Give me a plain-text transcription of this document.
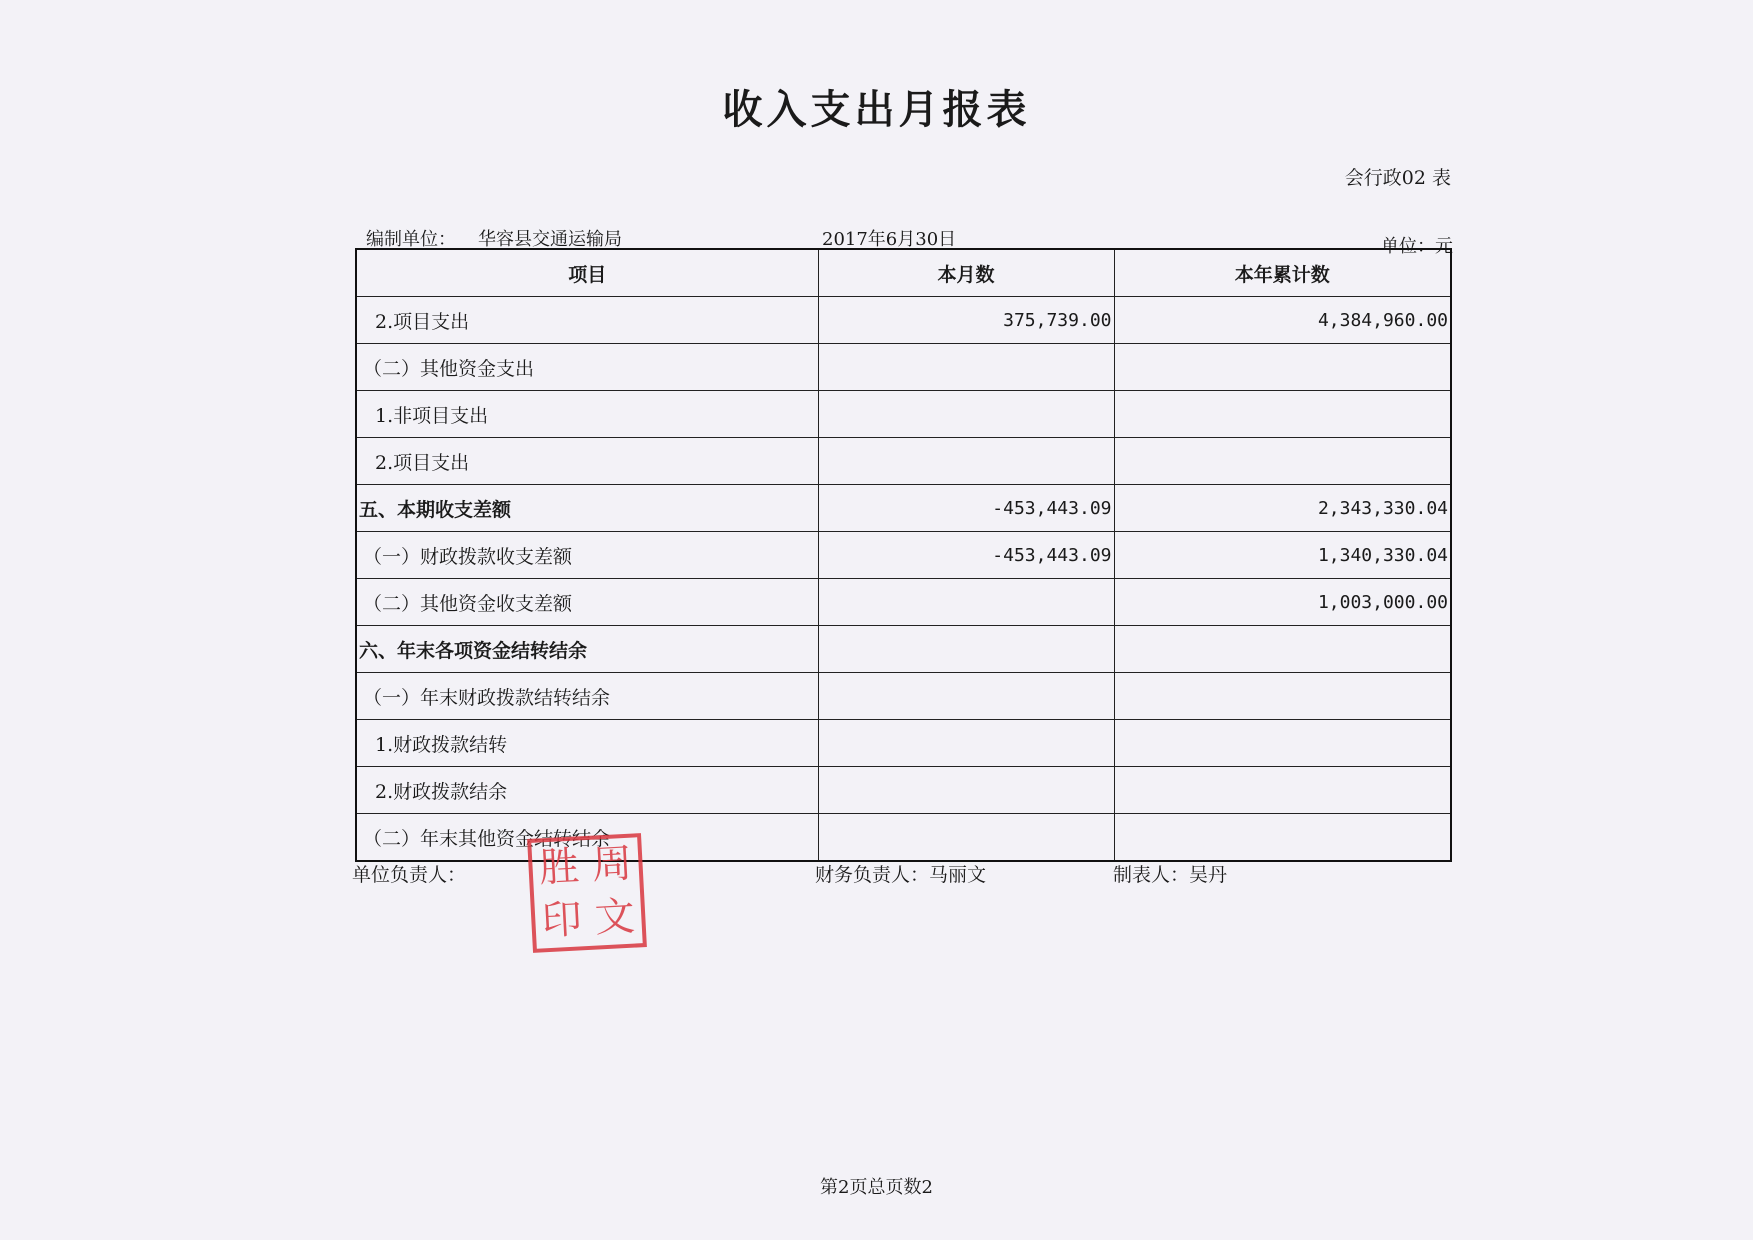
收入支出月报表
会行政02 表
编制单位： 华容县交通运输局	2017年6月30日	单位：元
项目	本月数	本年累计数
2.项目支出	375,739.00	4,384,960.00
（二）其他资金支出		
1.非项目支出		
2.项目支出		
五、本期收支差额	-453,443.09	2,343,330.04
（一）财政拨款收支差额	-453,443.09	1,340,330.04
（二）其他资金收支差额		1,003,000.00
六、年末各项资金结转结余		
（一）年末财政拨款结转结余		
1.财政拨款结转		
2.财政拨款结余		
（二）年末其他资金结转结余		
单位负责人：	财务负责人：马丽文	制表人：吴丹
胜 周
印 文
第2页总页数2
